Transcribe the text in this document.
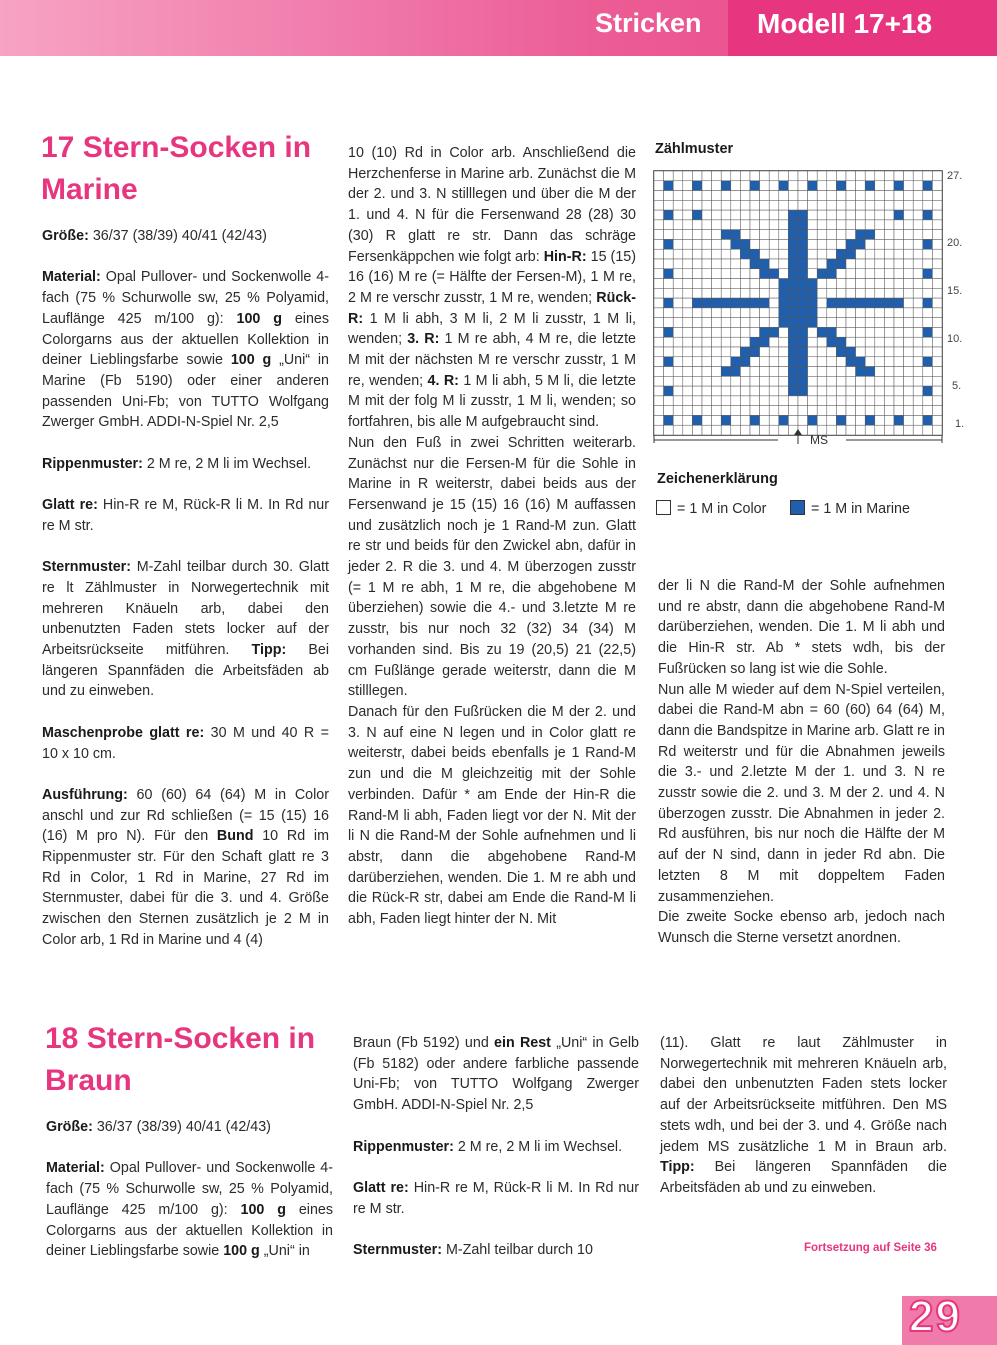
Stricken Modell 17+18
17 Stern-Socken in
Marine

Größe: 36/37 (38/39) 40/41 (42/43)

Material: Opal Pullover- und Sockenwolle 4-fach (75 % Schurwolle sw, 25 % Polyamid, Lauflänge 425 m/100 g): 100 g eines Colorgarns aus der aktuellen Kollektion in deiner Lieblingsfarbe sowie 100 g „Uni“ in Marine (Fb 5190) oder einer anderen passenden Uni-Fb; von TUTTO Wolfgang Zwerger GmbH. ADDI-N-Spiel Nr. 2,5

Rippenmuster: 2 M re, 2 M li im Wechsel.

Glatt re: Hin-R re M, Rück-R li M. In Rd nur re M str.

Sternmuster: M-Zahl teilbar durch 30. Glatt re lt Zählmuster in Norwegertechnik mit mehreren Knäueln arb, dabei den unbenutzten Faden stets locker auf der Arbeitsrückseite mitführen. Tipp: Bei längeren Spannfäden die Arbeitsfäden ab und zu einweben.

Maschenprobe glatt re: 30 M und 40 R = 10 x 10 cm.

Ausführung: 60 (60) 64 (64) M in Color anschl und zur Rd schließen (= 15 (15) 16 (16) M pro N). Für den Bund 10 Rd im Rippenmuster str. Für den Schaft glatt re 3 Rd in Color, 1 Rd in Marine, 27 Rd im Sternmuster, dabei für die 3. und 4. Größe zwischen den Sternen zusätzlich je 2 M in Color arb, 1 Rd in Marine und 4 (4)

10 (10) Rd in Color arb. Anschließend die Herzchenferse in Marine arb. Zunächst die M der 2. und 3. N stilllegen und über die M der 1. und 4. N für die Fersenwand 28 (28) 30 (30) R glatt re str. Dann das schräge Fersenkäppchen wie folgt arb: Hin-R: 15 (15) 16 (16) M re (= Hälfte der Fersen-M), 1 M re, 2 M re verschr zusstr, 1 M re, wenden; Rück-R: 1 M li abh, 3 M li, 2 M li zusstr, 1 M li, wenden; 3. R: 1 M re abh, 4 M re, die letzte M mit der nächsten M re verschr zusstr, 1 M re, wenden; 4. R: 1 M li abh, 5 M li, die letzte M mit der folg M li zusstr, 1 M li, wenden; so fortfahren, bis alle M aufgebraucht sind.

Nun den Fuß in zwei Schritten weiterarb. Zunächst nur die Fersen-M für die Sohle in Marine in R weiterstr, dabei beids aus der Fersenwand je 15 (15) 16 (16) M auffassen und zusätzlich noch je 1 Rand-M zun. Glatt re str und beids für den Zwickel abn, dafür in jeder 2. R die 3. und 4. M überzogen zusstr (= 1 M re abh, 1 M re, die abgehobene M überziehen) sowie die 4.- und 3.letzte M re zusstr, bis nur noch 32 (32) 34 (34) M vorhanden sind. Bis zu 19 (20,5) 21 (22,5) cm Fußlänge gerade weiterstr, dann die M stilllegen.

Danach für den Fußrücken die M der 2. und 3. N auf eine N legen und in Color glatt re weiterstr, dabei beids ebenfalls je 1 Rand-M zun und die M gleichzeitig mit der Sohle verbinden. Dafür * am Ende der Hin-R die Rand-M li abh, Faden liegt vor der N. Mit der li N die Rand-M der Sohle aufnehmen und li abstr, dann die abgehobene Rand-M darüberziehen, wenden. Die 1. M re abh und die Rück-R str, dabei am Ende die Rand-M li abh, Faden liegt hinter der N. Mit

Zählmuster
MS
27.
20.
15.
10.
5.
1.
Zeichenerklärung
= 1 M in Color	= 1 M in Marine

der li N die Rand-M der Sohle aufnehmen und re abstr, dann die abgehobene Rand-M darüberziehen, wenden. Die 1. M li abh und die Hin-R str. Ab * stets wdh, bis der Fußrücken so lang ist wie die Sohle.

Nun alle M wieder auf dem N-Spiel verteilen, dabei die Rand-M abn = 60 (60) 64 (64) M, dann die Bandspitze in Marine arb. Glatt re in Rd weiterstr und für die Abnahmen jeweils die 3.- und 2.letzte M der 1. und 3. N re zusstr sowie die 2. und 3. M der 2. und 4. N überzogen zusstr. Die Abnahmen in jeder 2. Rd ausführen, bis nur noch die Hälfte der M auf der N sind, dann in jeder Rd abn. Die letzten 8 M mit doppeltem Faden zusammenziehen.

Die zweite Socke ebenso arb, jedoch nach Wunsch die Sterne versetzt anordnen.

18 Stern-Socken in
Braun

Größe: 36/37 (38/39) 40/41 (42/43)

Material: Opal Pullover- und Sockenwolle 4-fach (75 % Schurwolle sw, 25 % Polyamid, Lauflänge 425 m/100 g): 100 g eines Colorgarns aus der aktuellen Kollektion in deiner Lieblingsfarbe sowie 100 g „Uni“ in

Braun (Fb 5192) und ein Rest „Uni“ in Gelb (Fb 5182) oder andere farbliche passende Uni-Fb; von TUTTO Wolfgang Zwerger GmbH. ADDI-N-Spiel Nr. 2,5

Rippenmuster: 2 M re, 2 M li im Wechsel.

Glatt re: Hin-R re M, Rück-R li M. In Rd nur re M str.

Sternmuster: M-Zahl teilbar durch 10

(11). Glatt re laut Zählmuster in Norwegertechnik mit mehreren Knäueln arb, dabei den unbenutzten Faden stets locker auf der Arbeitsrückseite mitführen. Den MS stets wdh, und bei der 3. und 4. Größe nach jedem MS zusätzliche 1 M in Braun arb. Tipp: Bei längeren Spannfäden die Arbeitsfäden ab und zu einweben.

Fortsetzung auf Seite 36
29
